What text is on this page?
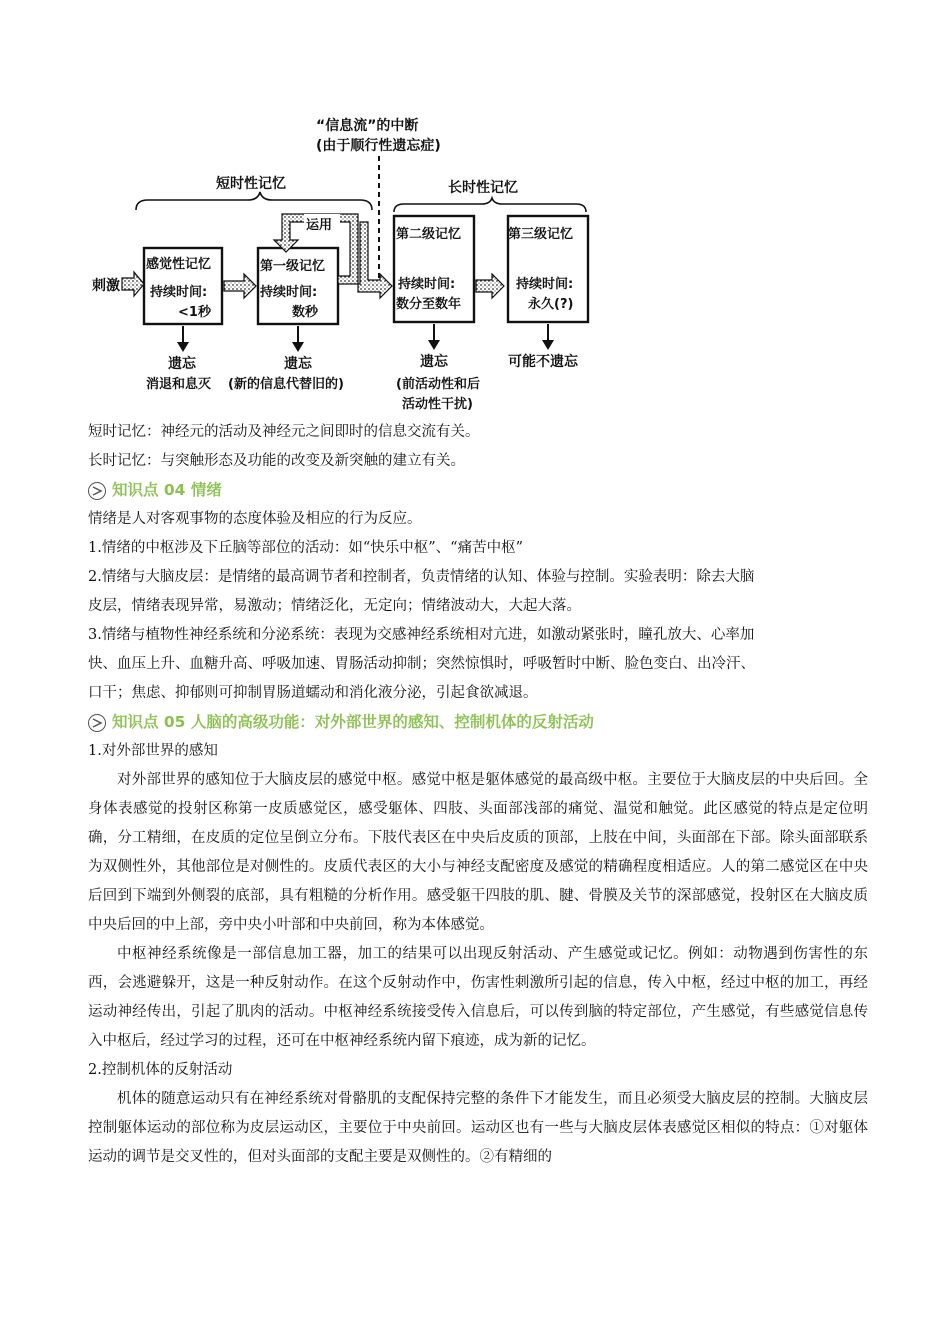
“信息流”的中断
(由于顺行性遗忘症)
短时性记忆	长时性记忆
刺激
感觉性记忆
持续时间:
<1秒
第一级记忆
持续时间:
数秒
运用
第二级记忆
持续时间:
数分至数年
第三级记忆
持续时间:
永久(?)
遗忘	遗忘	遗忘	可能不遗忘
消退和息灭 (新的信息代替旧的)	(前活动性和后
活动性干扰)
短时记忆：神经元的活动及神经元之间即时的信息交流有关。
长时记忆：与突触形态及功能的改变及新突触的建立有关。
知识点 04 情绪
情绪是人对客观事物的态度体验及相应的行为反应。
1.情绪的中枢涉及下丘脑等部位的活动：如“快乐中枢”、“痛苦中枢”
2.情绪与大脑皮层：是情绪的最高调节者和控制者，负责情绪的认知、体验与控制。实验表明：除去大脑
皮层，情绪表现异常，易激动；情绪泛化，无定向；情绪波动大，大起大落。
3.情绪与植物性神经系统和分泌系统：表现为交感神经系统相对亢进，如激动紧张时，瞳孔放大、心率加
快、血压上升、血糖升高、呼吸加速、胃肠活动抑制；突然惊惧时，呼吸暂时中断、脸色变白、出冷汗、
口干；焦虑、抑郁则可抑制胃肠道蠕动和消化液分泌，引起食欲减退。
知识点 05 人脑的高级功能：对外部世界的感知、控制机体的反射活动
1.对外部世界的感知
对外部世界的感知位于大脑皮层的感觉中枢。感觉中枢是躯体感觉的最高级中枢。主要位于大脑皮层的中央后回。全身体表感觉的投射区称第一皮质感觉区，感受躯体、四肢、头面部浅部的痛觉、温觉和触觉。此区感觉的特点是定位明确，分工精细，在皮质的定位呈倒立分布。下肢代表区在中央后皮质的顶部，上肢在中间，头面部在下部。除头面部联系为双侧性外，其他部位是对侧性的。皮质代表区的大小与神经支配密度及感觉的精确程度相适应。人的第二感觉区在中央后回到下端到外侧裂的底部，具有粗糙的分析作用。感受躯干四肢的肌、腱、骨膜及关节的深部感觉，投射区在大脑皮质中央后回的中上部，旁中央小叶部和中央前回，称为本体感觉。
中枢神经系统像是一部信息加工器，加工的结果可以出现反射活动、产生感觉或记忆。例如：动物遇到伤害性的东西，会逃避躲开，这是一种反射动作。在这个反射动作中，伤害性刺激所引起的信息，传入中枢，经过中枢的加工，再经运动神经传出，引起了肌肉的活动。中枢神经系统接受传入信息后，可以传到脑的特定部位，产生感觉，有些感觉信息传入中枢后，经过学习的过程，还可在中枢神经系统内留下痕迹，成为新的记忆。
2.控制机体的反射活动
机体的随意运动只有在神经系统对骨骼肌的支配保持完整的条件下才能发生，而且必须受大脑皮层的控制。大脑皮层控制躯体运动的部位称为皮层运动区，主要位于中央前回。运动区也有一些与大脑皮层体表感觉区相似的特点：①对躯体运动的调节是交叉性的，但对头面部的支配主要是双侧性的。②有精细的
